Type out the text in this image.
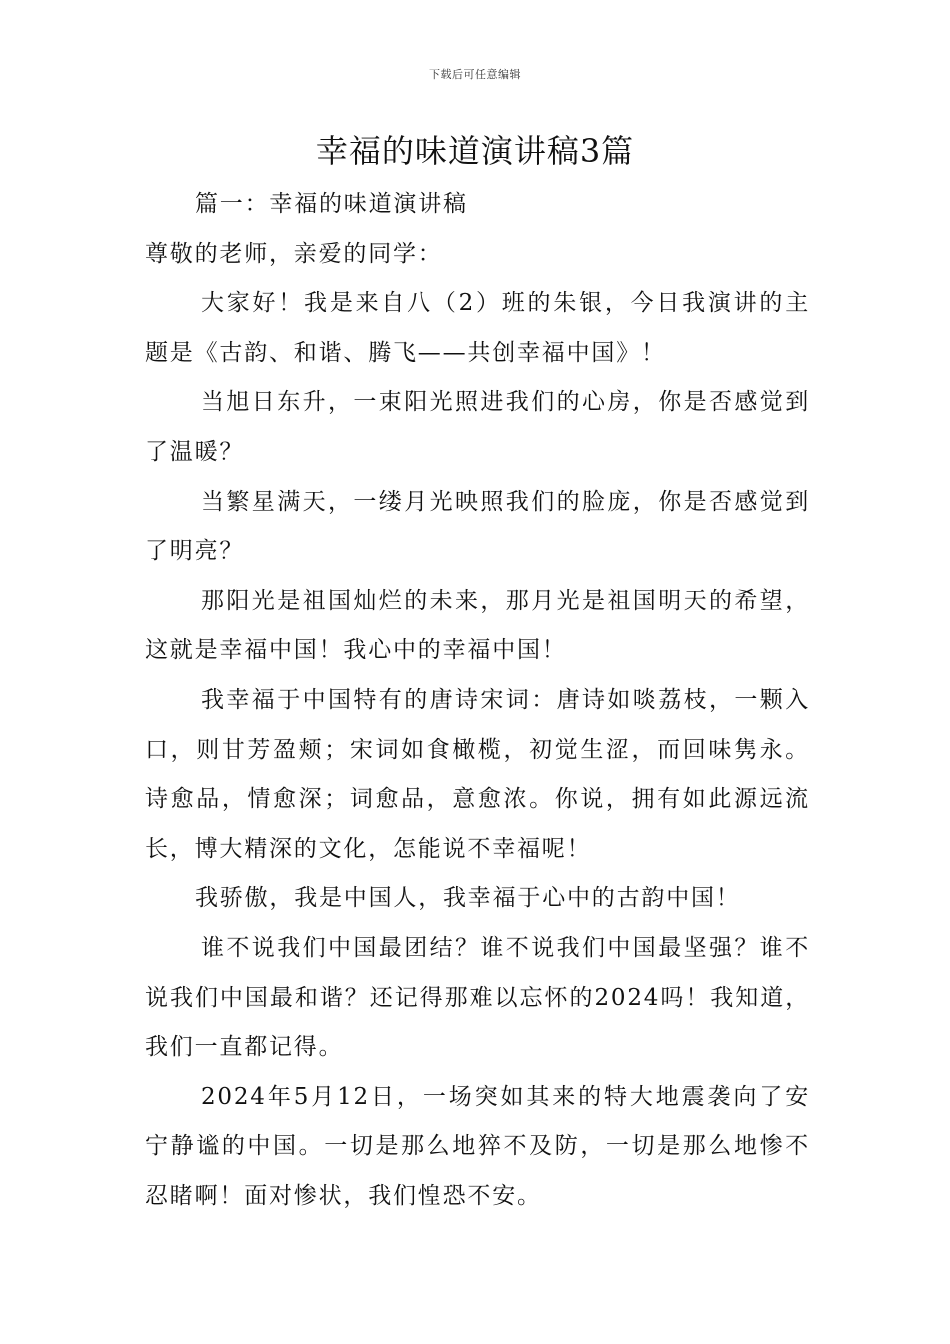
下载后可任意编辑
幸福的味道演讲稿3篇

篇一：幸福的味道演讲稿

尊敬的老师，亲爱的同学：

大家好！我是来自八（2）班的朱银，今日我演讲的主题是《古韵、和谐、腾飞——共创幸福中国》！

当旭日东升，一束阳光照进我们的心房，你是否感觉到了温暖？

当繁星满天，一缕月光映照我们的脸庞，你是否感觉到了明亮？

那阳光是祖国灿烂的未来，那月光是祖国明天的希望，这就是幸福中国！我心中的幸福中国！

我幸福于中国特有的唐诗宋词：唐诗如啖荔枝，一颗入口，则甘芳盈颊；宋词如食橄榄，初觉生涩，而回味隽永。诗愈品，情愈深；词愈品，意愈浓。你说，拥有如此源远流长，博大精深的文化，怎能说不幸福呢！

我骄傲，我是中国人，我幸福于心中的古韵中国！

谁不说我们中国最团结？谁不说我们中国最坚强？谁不说我们中国最和谐？还记得那难以忘怀的2024吗！我知道，我们一直都记得。

2024年5月12日，一场突如其来的特大地震袭向了安宁静谧的中国。一切是那么地猝不及防，一切是那么地惨不忍睹啊！面对惨状，我们惶恐不安。
